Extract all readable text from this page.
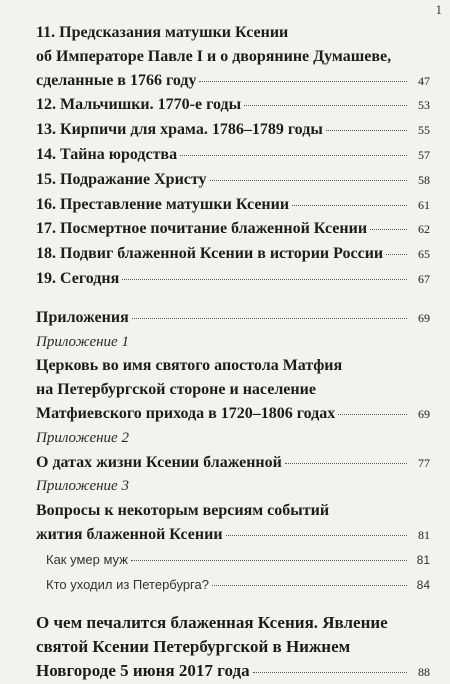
1
11. Предсказания матушки Ксении
об Императоре Павле I и о дворянине Думашеве,
сделанные в 1766 году	47
12. Мальчишки. 1770-е годы	53
13. Кирпичи для храма. 1786–1789 годы	55
14. Тайна юродства	57
15. Подражание Христу	58
16. Преставление матушки Ксении	61
17. Посмертное почитание блаженной Ксении	62
18. Подвиг блаженной Ксении в истории России	65
19. Сегодня	67
Приложения	69
Приложение 1
Церковь во имя святого апостола Матфия
на Петербургской стороне и население
Матфиевского прихода в 1720–1806 годах	69
Приложение 2
О датах жизни Ксении блаженной	77
Приложение 3
Вопросы к некоторым версиям событий
жития блаженной Ксении	81
Как умер муж	81
Кто уходил из Петербурга?	84
О чем печалится блаженная Ксения. Явление
святой Ксении Петербургской в Нижнем
Новгороде 5 июня 2017 года	88
